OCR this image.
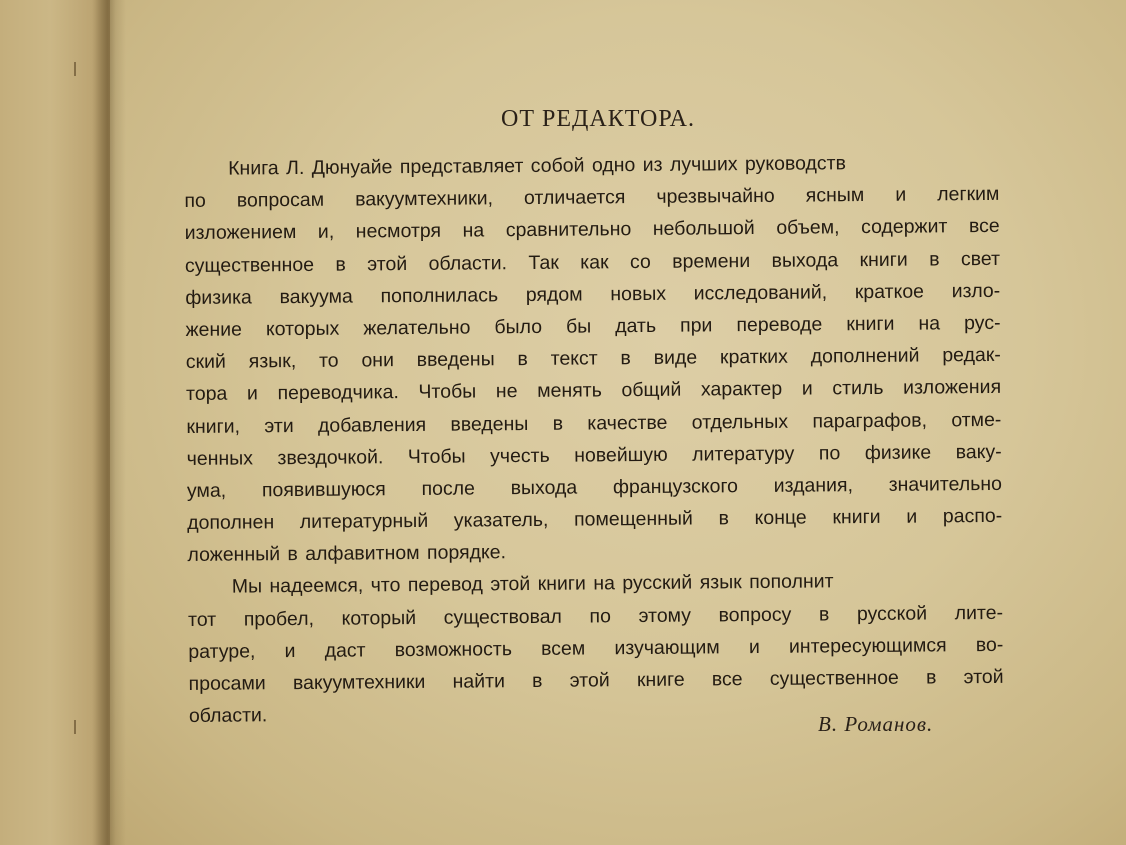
ОТ РЕДАКТОРА.
Книга Л. Дюнуайе представляет собой одно из лучших руководств
по вопросам вакуумтехники, отличается чрезвычайно ясным и легким
изложением и, несмотря на сравнительно небольшой объем, содержит все
существенное в этой области. Так как со времени выхода книги в свет
физика вакуума пополнилась рядом новых исследований, краткое изло-
жение которых желательно было бы дать при переводе книги на рус-
ский язык, то они введены в текст в виде кратких дополнений редак-
тора и переводчика. Чтобы не менять общий характер и стиль изложения
книги, эти добавления введены в качестве отдельных параграфов, отме-
ченных звездочкой. Чтобы учесть новейшую литературу по физике ваку-
ума, появившуюся после выхода французского издания, значительно
дополнен литературный указатель, помещенный в конце книги и распо-
ложенный в алфавитном порядке.
Мы надеемся, что перевод этой книги на русский язык пополнит
тот пробел, который существовал по этому вопросу в русской лите-
ратуре, и даст возможность всем изучающим и интересующимся во-
просами вакуумтехники найти в этой книге все существенное в этой
области.	В. Романов.
